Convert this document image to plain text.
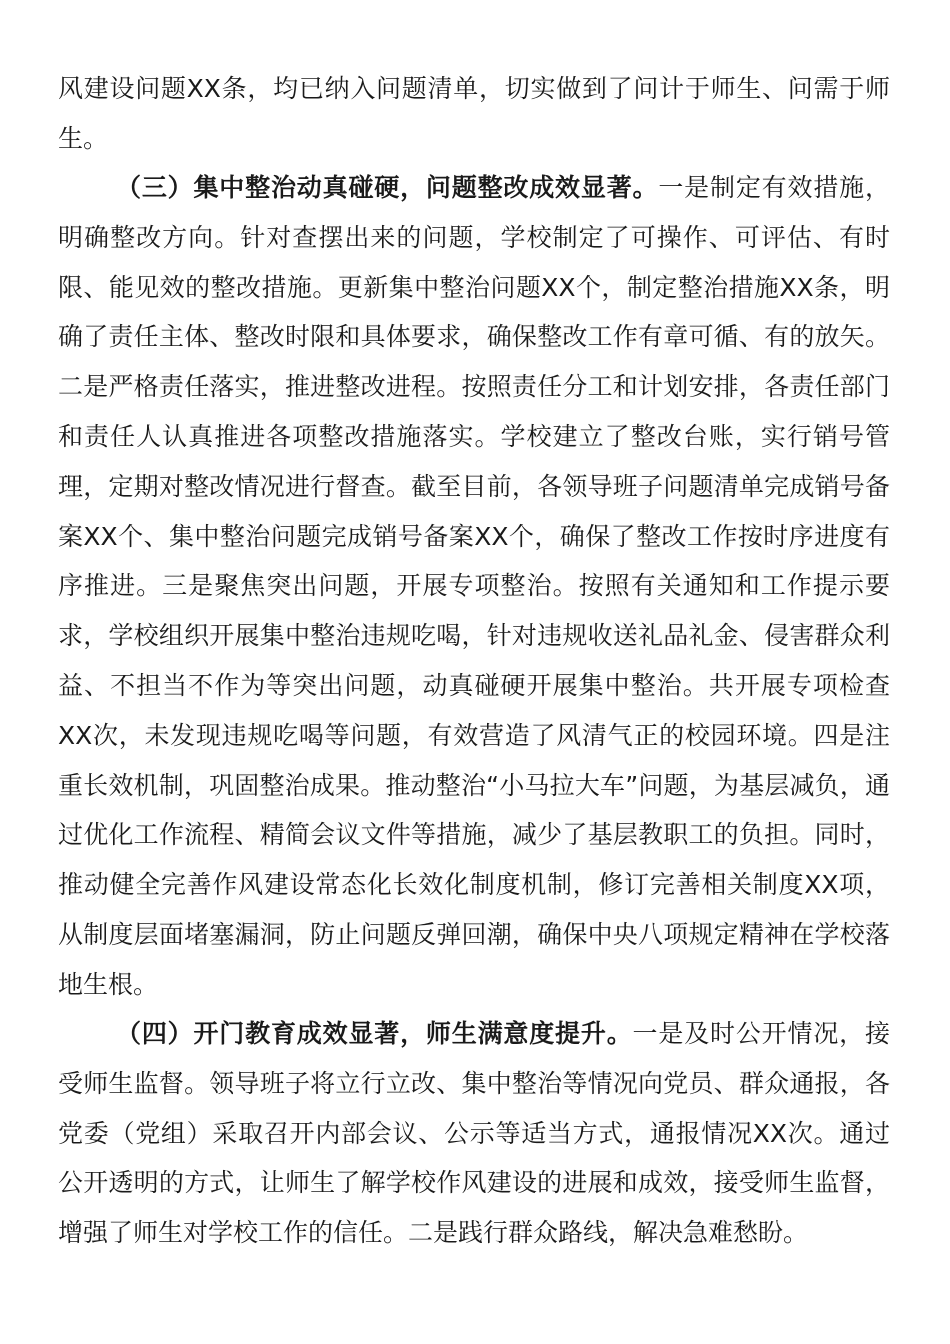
风建设问题XX条，均已纳入问题清单，切实做到了问计于师生、问需于师生。

（三）集中整治动真碰硬，问题整改成效显著。一是制定有效措施，明确整改方向。针对查摆出来的问题，学校制定了可操作、可评估、有时限、能见效的整改措施。更新集中整治问题XX个，制定整治措施XX条，明确了责任主体、整改时限和具体要求，确保整改工作有章可循、有的放矢。二是严格责任落实，推进整改进程。按照责任分工和计划安排，各责任部门和责任人认真推进各项整改措施落实。学校建立了整改台账，实行销号管理，定期对整改情况进行督查。截至目前，各领导班子问题清单完成销号备案XX个、集中整治问题完成销号备案XX个，确保了整改工作按时序进度有序推进。三是聚焦突出问题，开展专项整治。按照有关通知和工作提示要求，学校组织开展集中整治违规吃喝，针对违规收送礼品礼金、侵害群众利益、不担当不作为等突出问题，动真碰硬开展集中整治。共开展专项检查XX次，未发现违规吃喝等问题，有效营造了风清气正的校园环境。四是注重长效机制，巩固整治成果。推动整治“小马拉大车”问题，为基层减负，通过优化工作流程、精简会议文件等措施，减少了基层教职工的负担。同时，推动健全完善作风建设常态化长效化制度机制，修订完善相关制度XX项，从制度层面堵塞漏洞，防止问题反弹回潮，确保中央八项规定精神在学校落地生根。

（四）开门教育成效显著，师生满意度提升。一是及时公开情况，接受师生监督。领导班子将立行立改、集中整治等情况向党员、群众通报，各党委（党组）采取召开内部会议、公示等适当方式，通报情况XX次。通过公开透明的方式，让师生了解学校作风建设的进展和成效，接受师生监督，增强了师生对学校工作的信任。二是践行群众路线，解决急难愁盼。
